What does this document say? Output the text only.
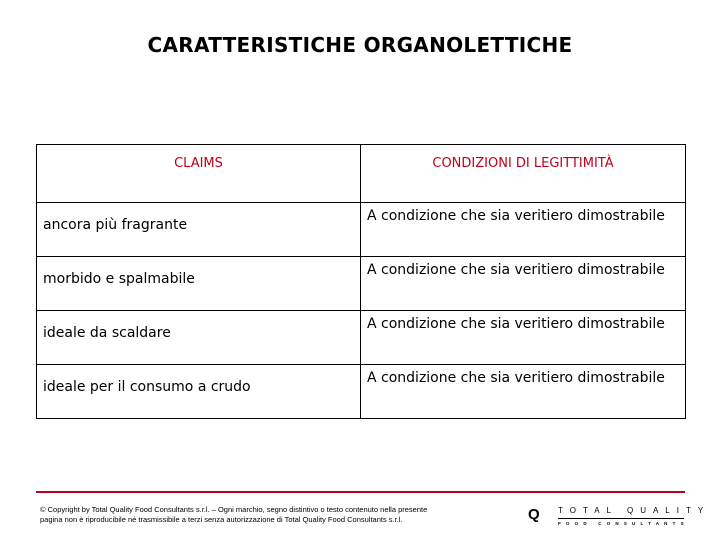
CARATTERISTICHE ORGANOLETTICHE
CLAIMS	CONDIZIONI DI LEGITTIMITÀ
ancora più fragrante	A condizione che sia veritiero dimostrabile
morbido e spalmabile	A condizione che sia veritiero dimostrabile
ideale da scaldare	A condizione che sia veritiero dimostrabile
ideale per il consumo a crudo	A condizione che sia veritiero dimostrabile
© Copyright by Total Quality Food Consultants s.r.l. – Ogni marchio, segno distintivo o testo contenuto nella presente
pagina non è riproducibile né trasmissibile a terzi senza autorizzazione di Total Quality Food Consultants s.r.l.	Q TOTAL QUALITY
FOOD CONSULTANTS
